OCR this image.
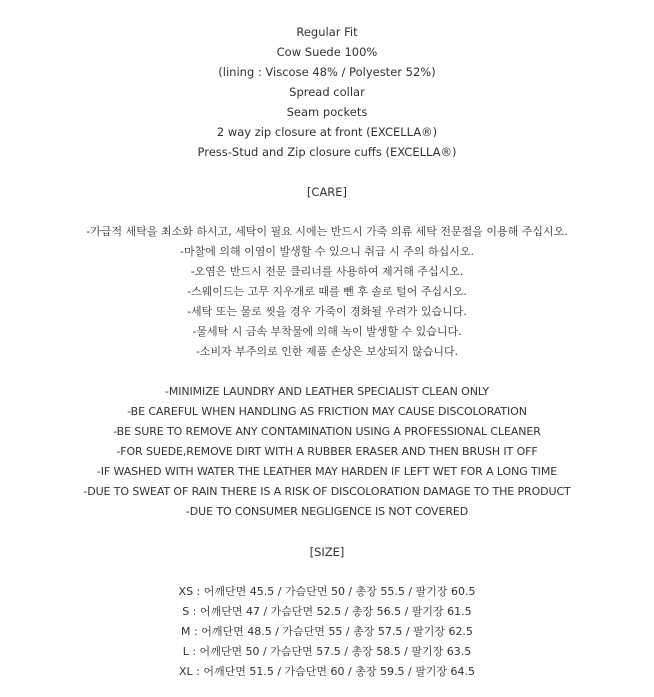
Regular Fit
Cow Suede 100%
(lining : Viscose 48% / Polyester 52%)
Spread collar
Seam pockets
2 way zip closure at front (EXCELLA®)
Press-Stud and Zip closure cuffs (EXCELLA®)
[CARE]
-가급적 세탁을 최소화 하시고, 세탁이 필요 시에는 반드시 가죽 의류 세탁 전문점을 이용해 주십시오.
-마찰에 의해 이염이 발생할 수 있으니 취급 시 주의 하십시오.
-오염은 반드시 전문 클리너를 사용하여 제거해 주십시오.
-스웨이드는 고무 지우개로 때를 뺀 후 솔로 털어 주십시오.
-세탁 또는 물로 씻을 경우 가죽이 경화될 우려가 있습니다.
-물세탁 시 금속 부착물에 의해 녹이 발생할 수 있습니다.
-소비자 부주의로 인한 제품 손상은 보상되지 않습니다.
-MINIMIZE LAUNDRY AND LEATHER SPECIALIST CLEAN ONLY
-BE CAREFUL WHEN HANDLING AS FRICTION MAY CAUSE DISCOLORATION
-BE SURE TO REMOVE ANY CONTAMINATION USING A PROFESSIONAL CLEANER
-FOR SUEDE,REMOVE DIRT WITH A RUBBER ERASER AND THEN BRUSH IT OFF
-IF WASHED WITH WATER THE LEATHER MAY HARDEN IF LEFT WET FOR A LONG TIME
-DUE TO SWEAT OF RAIN THERE IS A RISK OF DISCOLORATION DAMAGE TO THE PRODUCT
-DUE TO CONSUMER NEGLIGENCE IS NOT COVERED
[SIZE]
XS : 어깨단면 45.5 / 가슴단면 50 / 총장 55.5 / 팔기장 60.5
S : 어깨단면 47 / 가슴단면 52.5 / 총장 56.5 / 팔기장 61.5
M : 어깨단면 48.5 / 가슴단면 55 / 총장 57.5 / 팔기장 62.5
L : 어깨단면 50 / 가슴단면 57.5 / 총장 58.5 / 팔기장 63.5
XL : 어깨단면 51.5 / 가슴단면 60 / 총장 59.5 / 팔기장 64.5
